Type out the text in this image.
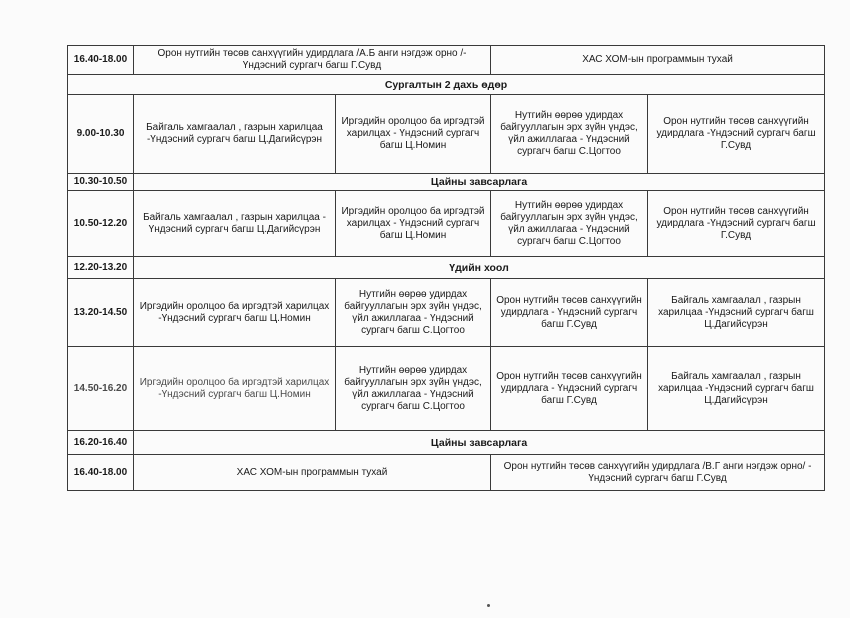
16.40-18.00	Орон нутгийн төсөв санхүүгийн удирдлага /А.Б анги нэгдэж орно /- Үндэсний сургагч багш Г.Сувд		ХАС ХОМ-ын программын тухай	
Сургалтын 2 дахь өдөр				
9.00-10.30	Байгаль хамгаалал , газрын харилцаа -Үндэсний сургагч багш Ц.Дагийсүрэн	Иргэдийн оролцоо ба иргэдтэй харилцах - Үндэсний сургагч багш Ц.Номин	Нутгийн өөрөө удирдах байгууллагын эрх зүйн үндэс, үйл ажиллагаа - Үндэсний сургагч багш С.Цогтоо	Орон нутгийн төсөв санхүүгийн удирдлага -Үндэсний сургагч багш Г.Сувд
10.30-10.50	Цайны завсарлага			
10.50-12.20	Байгаль хамгаалал , газрын харилцаа - Үндэсний сургагч багш Ц.Дагийсүрэн	Иргэдийн оролцоо ба иргэдтэй харилцах - Үндэсний сургагч багш Ц.Номин	Нутгийн өөрөө удирдах байгууллагын эрх зүйн үндэс, үйл ажиллагаа - Үндэсний сургагч багш С.Цогтоо	Орон нутгийн төсөв санхүүгийн удирдлага -Үндэсний сургагч багш Г.Сувд
12.20-13.20	Үдийн хоол			
13.20-14.50	Иргэдийн оролцоо ба иргэдтэй харилцах -Үндэсний сургагч багш Ц.Номин	Нутгийн өөрөө удирдах байгууллагын эрх зүйн үндэс, үйл ажиллагаа - Үндэсний сургагч багш С.Цогтоо	Орон нутгийн төсөв санхүүгийн удирдлага - Үндэсний сургагч багш Г.Сувд	Байгаль хамгаалал , газрын харилцаа -Үндэсний сургагч багш Ц.Дагийсүрэн
14.50-16.20	Иргэдийн оролцоо ба иргэдтэй харилцах -Үндэсний сургагч багш Ц.Номин	Нутгийн өөрөө удирдах байгууллагын эрх зүйн үндэс, үйл ажиллагаа - Үндэсний сургагч багш С.Цогтоо	Орон нутгийн төсөв санхүүгийн удирдлага - Үндэсний сургагч багш Г.Сувд	Байгаль хамгаалал , газрын харилцаа -Үндэсний сургагч багш Ц.Дагийсүрэн
16.20-16.40	Цайны завсарлага			
16.40-18.00	ХАС ХОМ-ын программын тухай		Орон нутгийн төсөв санхүүгийн удирдлага /В.Г анги нэгдэж орно/ - Үндэсний сургагч багш Г.Сувд	
